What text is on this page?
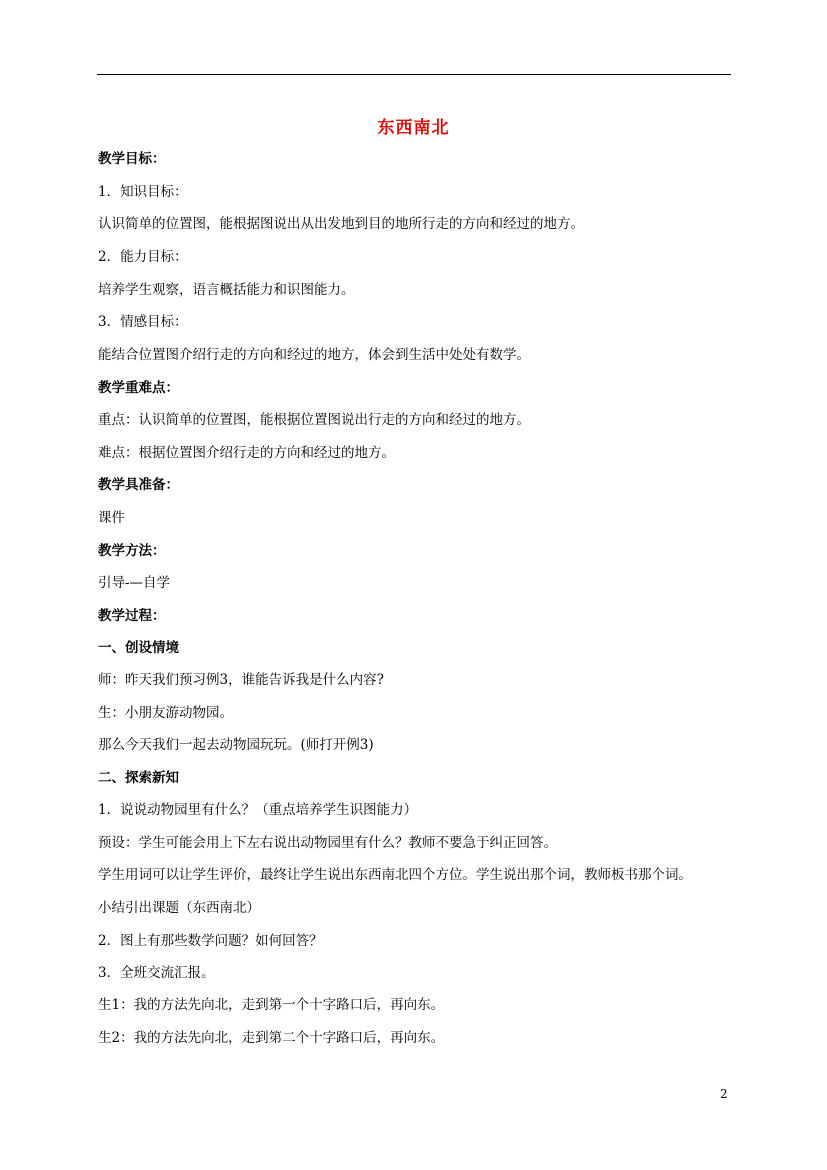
东西南北
教学目标：
1．知识目标：
认识简单的位置图，能根据图说出从出发地到目的地所行走的方向和经过的地方。
2．能力目标：
培养学生观察，语言概括能力和识图能力。
3．情感目标：
能结合位置图介绍行走的方向和经过的地方，体会到生活中处处有数学。
教学重难点：
重点：认识简单的位置图，能根据位置图说出行走的方向和经过的地方。
难点：根据位置图介绍行走的方向和经过的地方。
教学具准备：
课件
教学方法：
引导-—自学
教学过程：
一、创设情境
师：昨天我们预习例3，谁能告诉我是什么内容?
生：小朋友游动物园。
那么今天我们一起去动物园玩玩。(师打开例3)
二、探索新知
1．说说动物园里有什么？（重点培养学生识图能力）
预设：学生可能会用上下左右说出动物园里有什么？教师不要急于纠正回答。
学生用词可以让学生评价，最终让学生说出东西南北四个方位。学生说出那个词，教师板书那个词。
小结引出课题（东西南北）
2．图上有那些数学问题？如何回答？
3．全班交流汇报。
生1：我的方法先向北，走到第一个十字路口后，再向东。
生2：我的方法先向北，走到第二个十字路口后，再向东。
2
